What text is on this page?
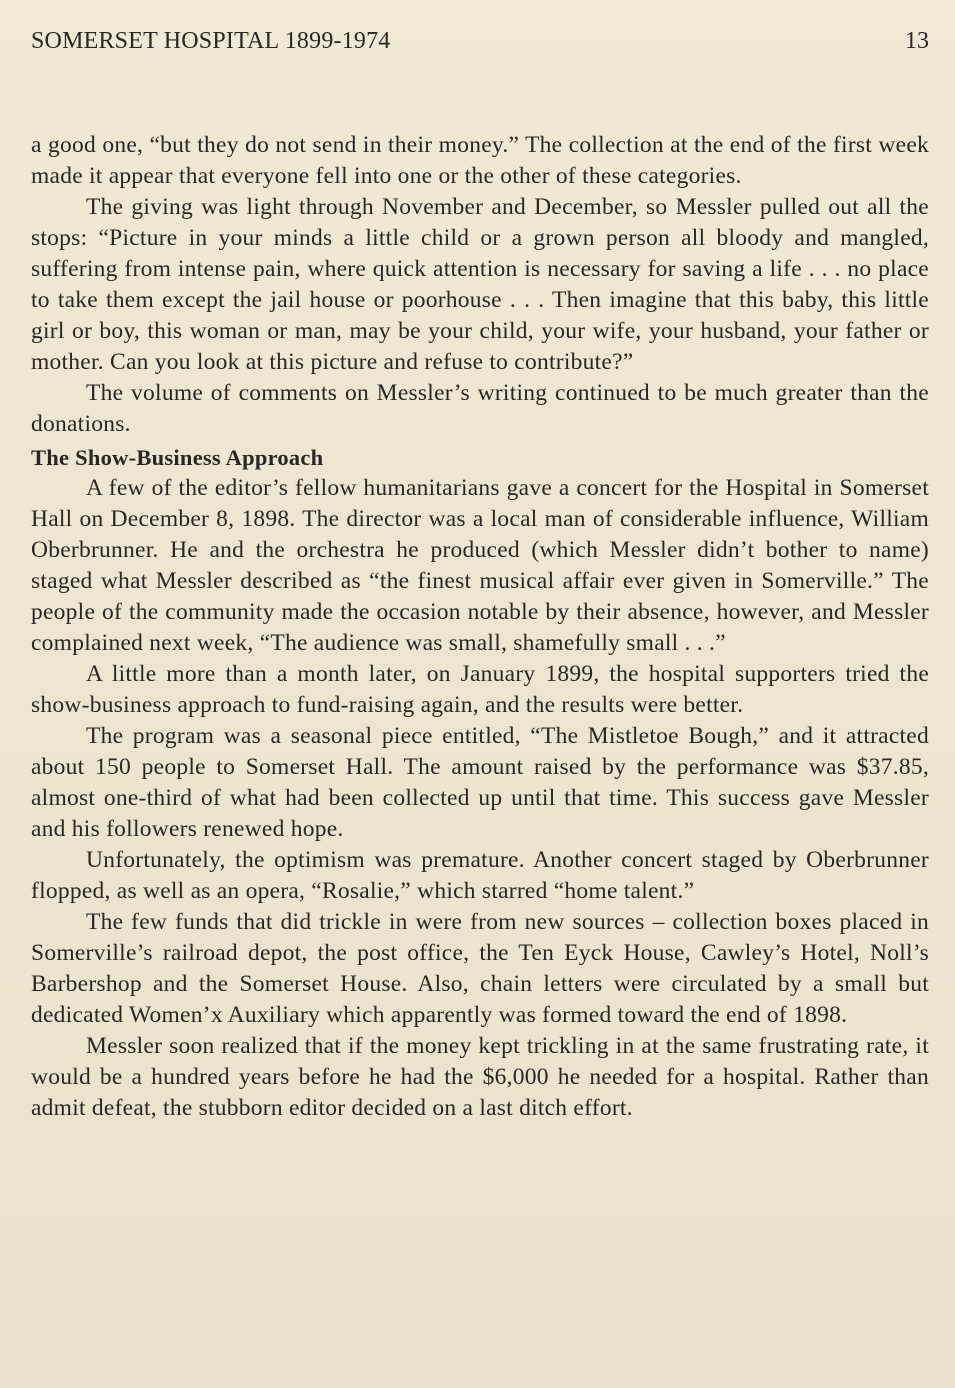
SOMERSET HOSPITAL 1899-1974	13

a good one, “but they do not send in their money.” The collection at the end of the first week made it appear that everyone fell into one or the other of these categories.

The giving was light through November and December, so Messler pulled out all the stops: “Picture in your minds a little child or a grown person all bloody and mangled, suffering from intense pain, where quick attention is necessary for saving a life . . . no place to take them except the jail house or poorhouse . . . Then imagine that this baby, this little girl or boy, this woman or man, may be your child, your wife, your husband, your father or mother. Can you look at this picture and refuse to contribute?”

The volume of comments on Messler’s writing continued to be much greater than the donations.

The Show-Business Approach

A few of the editor’s fellow humanitarians gave a concert for the Hospital in Somerset Hall on December 8, 1898. The director was a local man of considerable influence, William Oberbrunner. He and the orchestra he produced (which Messler didn’t bother to name) staged what Messler described as “the finest musical affair ever given in Somerville.” The people of the community made the occasion notable by their absence, however, and Messler complained next week, “The audience was small, shamefully small . . .”

A little more than a month later, on January 1899, the hospital supporters tried the show-business approach to fund-raising again, and the results were better.

The program was a seasonal piece entitled, “The Mistletoe Bough,” and it attracted about 150 people to Somerset Hall. The amount raised by the performance was $37.85, almost one-third of what had been collected up until that time. This success gave Messler and his followers renewed hope.

Unfortunately, the optimism was premature. Another concert staged by Oberbrunner flopped, as well as an opera, “Rosalie,” which starred “home talent.”

The few funds that did trickle in were from new sources – collection boxes placed in Somerville’s railroad depot, the post office, the Ten Eyck House, Cawley’s Hotel, Noll’s Barbershop and the Somerset House. Also, chain letters were circulated by a small but dedicated Women’x Auxiliary which apparently was formed toward the end of 1898.

Messler soon realized that if the money kept trickling in at the same frustrating rate, it would be a hundred years before he had the $6,000 he needed for a hospital. Rather than admit defeat, the stubborn editor decided on a last ditch effort.
